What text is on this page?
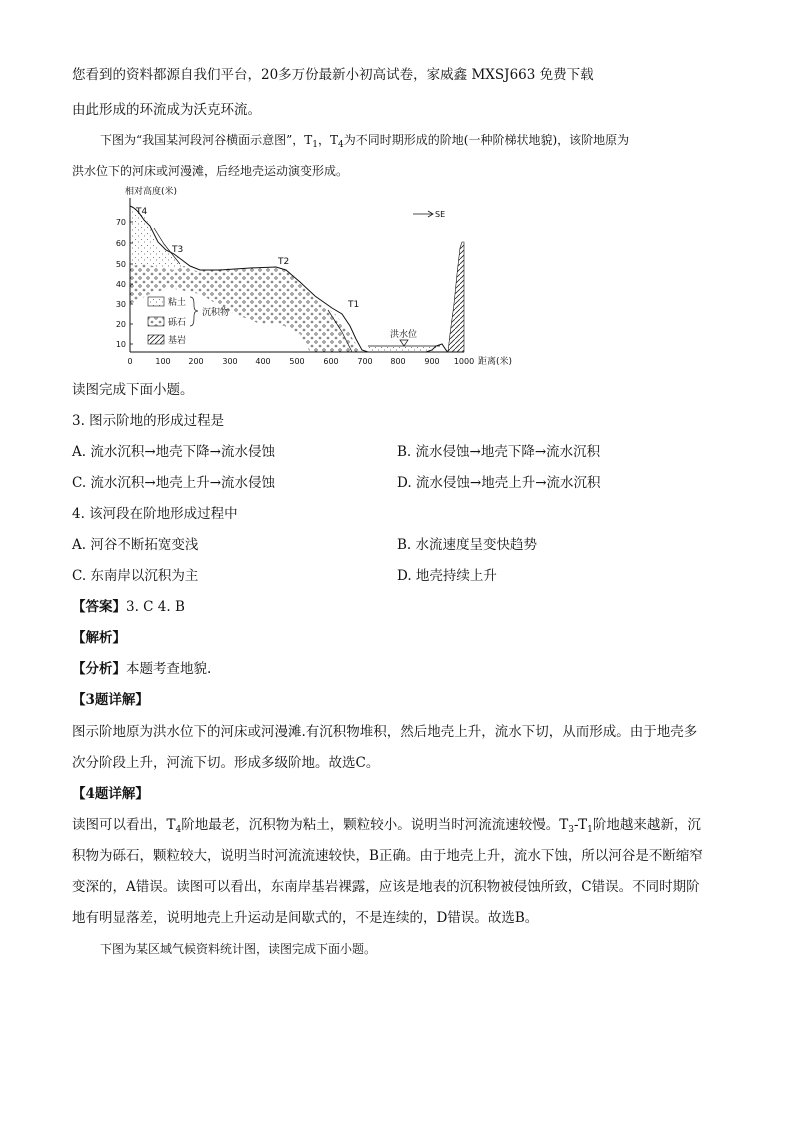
您看到的资料都源自我们平台，20多万份最新小初高试卷，家威鑫 MXSJ663 免费下载
由此形成的环流成为沃克环流。
下图为“我国某河段河谷横面示意图”，$T_1$，$T_4$为不同时期形成的阶地(一种阶梯状地貌)，该阶地原为
洪水位下的河床或河漫滩，后经地壳运动演变形成。
70
60
50
40
30
20
10
0	100 200 300 400 500 600 700 800 900 1000
相对高度(米)
距离(米)
SE
洪水位
T4
T3
T2
T1
粘土
砾石
沉积物
基岩
读图完成下面小题。
3. 图示阶地的形成过程是
A. 流水沉积→地壳下降→流水侵蚀	B. 流水侵蚀→地壳下降→流水沉积
C. 流水沉积→地壳上升→流水侵蚀	D. 流水侵蚀→地壳上升→流水沉积
4. 该河段在阶地形成过程中
A. 河谷不断拓宽变浅	B. 水流速度呈变快趋势
C. 东南岸以沉积为主	D. 地壳持续上升
【答案】3. C 4. B
【解析】
【分析】本题考查地貌.
【3题详解】
图示阶地原为洪水位下的河床或河漫滩.有沉积物堆积，然后地壳上升，流水下切，从而形成。由于地壳多
次分阶段上升，河流下切。形成多级阶地。故选C。
【4题详解】
读图可以看出，$T_4$阶地最老，沉积物为粘土，颗粒较小。说明当时河流流速较慢。$T_3-T_1$阶地越来越新，沉
积物为砾石，颗粒较大，说明当时河流流速较快，B正确。由于地壳上升，流水下蚀，所以河谷是不断缩窄
变深的，A错误。读图可以看出，东南岸基岩裸露，应该是地表的沉积物被侵蚀所致，C错误。不同时期阶
地有明显落差，说明地壳上升运动是间歇式的，不是连续的，D错误。故选B。
下图为某区域气候资料统计图，读图完成下面小题。
